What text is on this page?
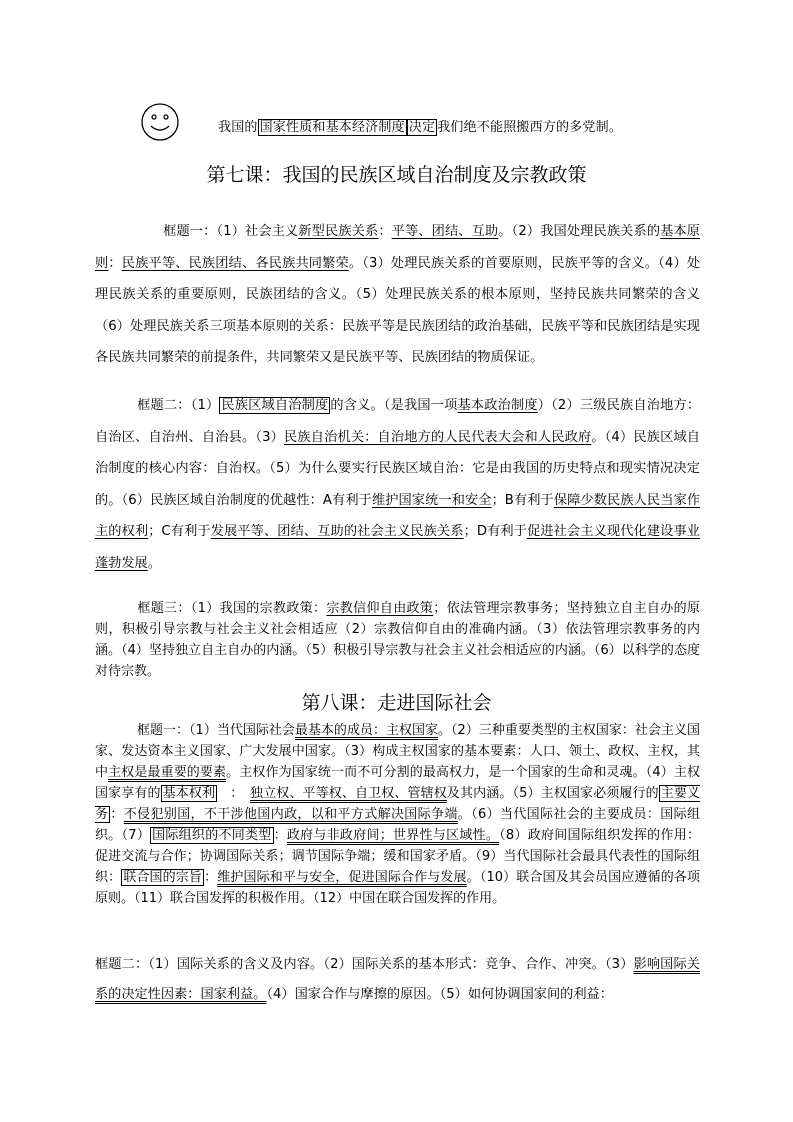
我国的 国家性质和基本经济制度 决定 我们绝不能照搬西方的多党制。
第七课：我国的民族区域自治制度及宗教政策
框题一：（1）社会主义新型民族关系：平等、团结、互助。（2）我国处理民族关系的基本原则：民族平等、民族团结、各民族共同繁荣。（3）处理民族关系的首要原则，民族平等的含义。（4）处理民族关系的重要原则，民族团结的含义。（5）处理民族关系的根本原则，坚持民族共同繁荣的含义（6）处理民族关系三项基本原则的关系：民族平等是民族团结的政治基础，民族平等和民族团结是实现各民族共同繁荣的前提条件，共同繁荣又是民族平等、民族团结的物质保证。
框题二：（1） 民族区域自治制度 的含义。（是我国一项基本政治制度）（2）三级民族自治地方：自治区、自治州、自治县。（3）民族自治机关：自治地方的人民代表大会和人民政府。（4）民族区域自治制度的核心内容：自治权。（5）为什么要实行民族区域自治：它是由我国的历史特点和现实情况决定的。（6）民族区域自治制度的优越性：A有利于维护国家统一和安全；B有利于保障少数民族人民当家作主的权利；C有利于发展平等、团结、互助的社会主义民族关系；D有利于促进社会主义现代化建设事业蓬勃发展。
框题三：（1）我国的宗教政策：宗教信仰自由政策；依法管理宗教事务；坚持独立自主自办的原则，积极引导宗教与社会主义社会相适应（2）宗教信仰自由的准确内涵。（3）依法管理宗教事务的内涵。（4）坚持独立自主自办的内涵。（5）积极引导宗教与社会主义社会相适应的内涵。（6）以科学的态度对待宗教。
第八课：走进国际社会
框题一：（1）当代国际社会最基本的成员：主权国家。（2）三种重要类型的主权国家：社会主义国家、发达资本主义国家、广大发展中国家。（3）构成主权国家的基本要素：人口、领土、政权、主权，其中主权是最重要的要素。主权作为国家统一而不可分割的最高权力，是一个国家的生命和灵魂。（4）主权国家享有的 基本权利　：　独立权、平等权、自卫权、管辖权及其内涵。（5）主权国家必须履行的 主要义务 ：不侵犯别国，不干涉他国内政，以和平方式解决国际争端。（6）当代国际社会的主要成员：国际组织。（7） 国际组织的不同类型 ：政府与非政府间；世界性与区域性。（8）政府间国际组织发挥的作用：促进交流与合作；协调国际关系；调节国际争端；缓和国家矛盾。（9）当代国际社会最具代表性的国际组织： 联合国的宗旨 ：维护国际和平与安全，促进国际合作与发展。（10）联合国及其会员国应遵循的各项原则。（11）联合国发挥的积极作用。（12）中国在联合国发挥的作用。
框题二：（1）国际关系的含义及内容。（2）国际关系的基本形式：竞争、合作、冲突。（3）影响国际关系的决定性因素：国家利益。（4）国家合作与摩擦的原因。（5）如何协调国家间的利益：
